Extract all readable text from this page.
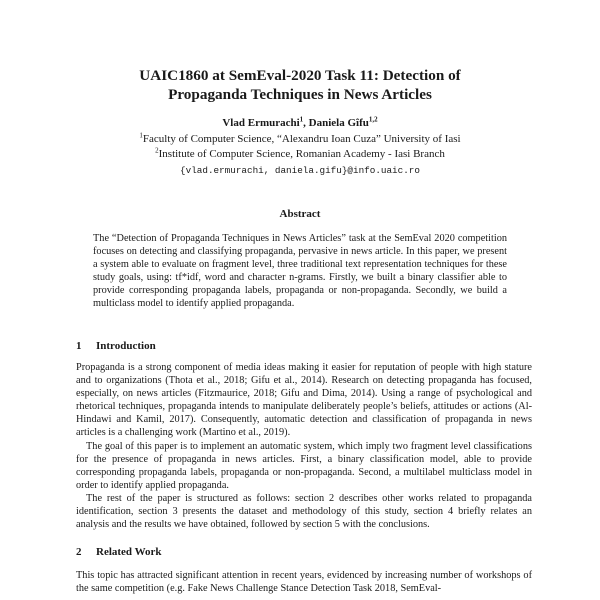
UAIC1860 at SemEval-2020 Task 11: Detection of
Propaganda Techniques in News Articles
Vlad Ermurachi$^1$, Daniela Gîfu$^{1,2}$
$^1$Faculty of Computer Science, “Alexandru Ioan Cuza” University of Iasi
$^2$Institute of Computer Science, Romanian Academy - Iasi Branch
{vlad.ermurachi, daniela.gifu}@info.uaic.ro
Abstract

The “Detection of Propaganda Techniques in News Articles” task at the SemEval 2020 competition focuses on detecting and classifying propaganda, pervasive in news article. In this paper, we present a system able to evaluate on fragment level, three traditional text representation techniques for these study goals, using: tf*idf, word and character n-grams. Firstly, we built a binary classifier able to provide corresponding propaganda labels, propaganda or non-propaganda. Secondly, we build a multiclass model to identify applied propaganda.

1 Introduction

Propaganda is a strong component of media ideas making it easier for reputation of people with high stature and to organizations (Thota et al., 2018; Gifu et al., 2014). Research on detecting propaganda has focused, especially, on news articles (Fitzmaurice, 2018; Gifu and Dima, 2014). Using a range of psychological and rhetorical techniques, propaganda intends to manipulate deliberately people’s beliefs, attitudes or actions (Al-Hindawi and Kamil, 2017). Consequently, automatic detection and classification of propaganda in news articles is a challenging work (Martino et al., 2019).

The goal of this paper is to implement an automatic system, which imply two fragment level classifications for the presence of propaganda in news articles. First, a binary classification model, able to provide corresponding propaganda labels, propaganda or non-propaganda. Second, a multilabel multiclass model in order to identify applied propaganda.

The rest of the paper is structured as follows: section 2 describes other works related to propaganda identification, section 3 presents the dataset and methodology of this study, section 4 briefly relates an analysis and the results we have obtained, followed by section 5 with the conclusions.

2 Related Work

This topic has attracted significant attention in recent years, evidenced by increasing number of workshops of the same competition (e.g. Fake News Challenge Stance Detection Task 2018, SemEval-
